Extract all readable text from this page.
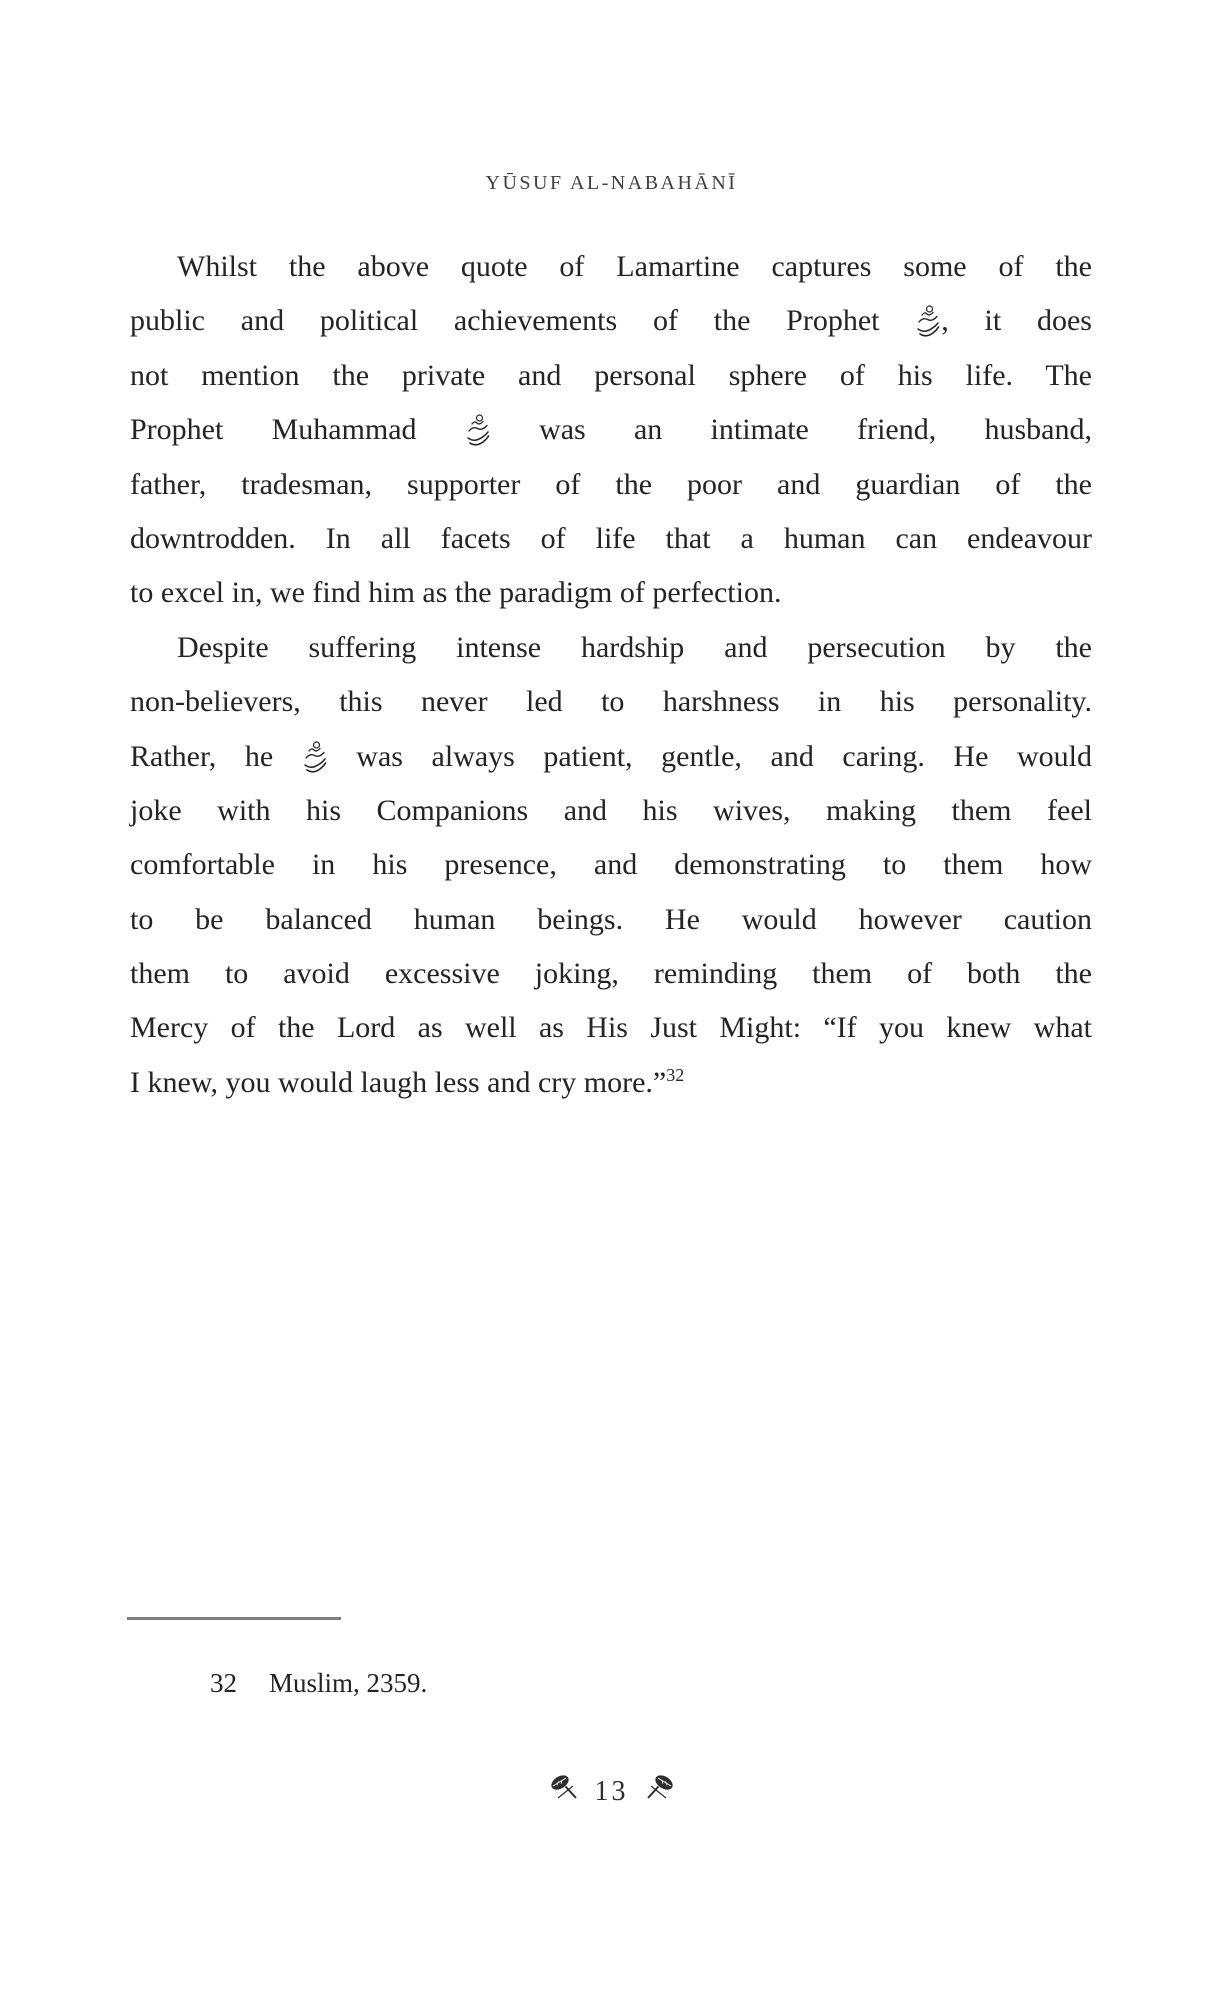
YŪSUF AL-NABAHĀNĪ
Whilst the above quote of Lamartine captures some of the
public and political achievements of the Prophet , it does
not mention the private and personal sphere of his life. The
Prophet Muhammad  was an intimate friend, husband,
father, tradesman, supporter of the poor and guardian of the
downtrodden. In all facets of life that a human can endeavour
to excel in, we find him as the paradigm of perfection.
Despite suffering intense hardship and persecution by the
non-believers, this never led to harshness in his personality.
Rather, he  was always patient, gentle, and caring. He would
joke with his Companions and his wives, making them feel
comfortable in his presence, and demonstrating to them how
to be balanced human beings. He would however caution
them to avoid excessive joking, reminding them of both the
Mercy of the Lord as well as His Just Might: “If you knew what
I knew, you would laugh less and cry more.”$^{32}$
32 Muslim, 2359.
13
